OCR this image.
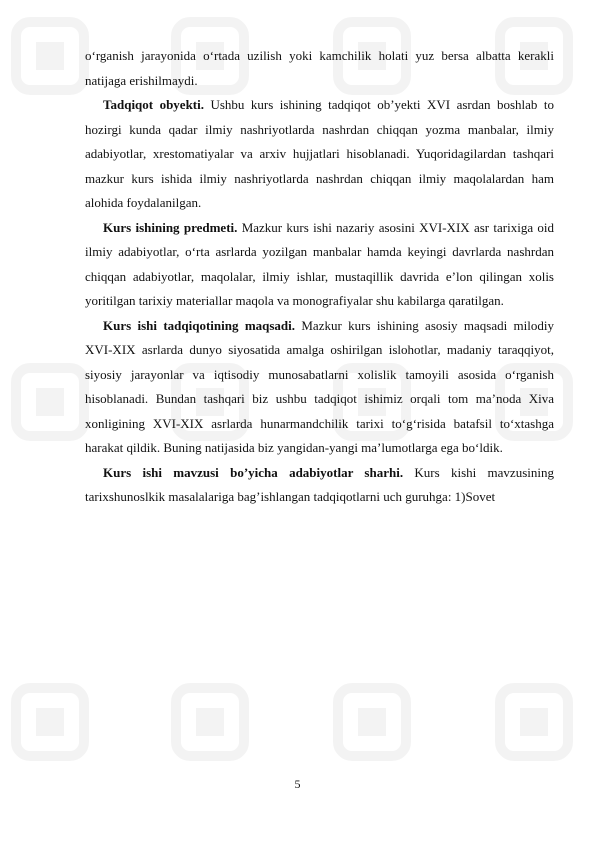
o‘rganish jarayonida o‘rtada uzilish yoki kamchilik holati yuz bersa albatta kerakli natijaga erishilmaydi.

Tadqiqot obyekti. Ushbu kurs ishining tadqiqot ob’yekti XVI asrdan boshlab to hozirgi kunda qadar ilmiy nashriyotlarda nashrdan chiqqan yozma manbalar, ilmiy adabiyotlar, xrestomatiyalar va arxiv hujjatlari hisoblanadi. Yuqoridagilardan tashqari mazkur kurs ishida ilmiy nashriyotlarda nashrdan chiqqan ilmiy maqolalardan ham alohida foydalanilgan.

Kurs ishining predmeti. Mazkur kurs ishi nazariy asosini XVI-XIX asr tarixiga oid ilmiy adabiyotlar, o‘rta asrlarda yozilgan manbalar hamda keyingi davrlarda nashrdan chiqqan adabiyotlar, maqolalar, ilmiy ishlar, mustaqillik davrida e’lon qilingan xolis yoritilgan tarixiy materiallar maqola va monografiyalar shu kabilarga qaratilgan.

Kurs ishi tadqiqotining maqsadi. Mazkur kurs ishining asosiy maqsadi milodiy XVI-XIX asrlarda dunyo siyosatida amalga oshirilgan islohotlar, madaniy taraqqiyot, siyosiy jarayonlar va iqtisodiy munosabatlarni xolislik tamoyili asosida o‘rganish hisoblanadi. Bundan tashqari biz ushbu tadqiqot ishimiz orqali tom ma’noda Xiva xonligining XVI-XIX asrlarda hunarmandchilik tarixi to‘g‘risida batafsil to‘xtashga harakat qildik. Buning natijasida biz yangidan-yangi ma’lumotlarga ega bo‘ldik.

Kurs ishi mavzusi bo’yicha adabiyotlar sharhi. Kurs kishi mavzusining tarixshunoslkik masalalariga bag’ishlangan tadqiqotlarni uch guruhga: 1)Sovet

5
